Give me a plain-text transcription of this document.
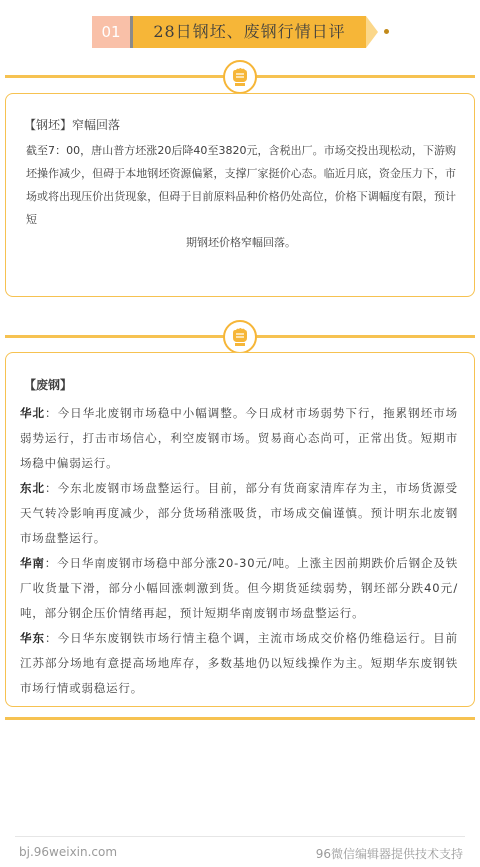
01	28日钢坯、废钢行情日评
【钢坯】窄幅回落
截至7：00，唐山普方坯涨20后降40至3820元，含税出厂。市场交投出现松动，下游购坯操作减少，但碍于本地钢坯资源偏紧，支撑厂家挺价心态。临近月底，资金压力下，市场或将出现压价出货现象，但碍于目前原料品种价格仍处高位，价格下调幅度有限，预计短
期钢坯价格窄幅回落。
【废钢】

华北：今日华北废钢市场稳中小幅调整。今日成材市场弱势下行，拖累钢坯市场弱势运行，打击市场信心，利空废钢市场。贸易商心态尚可，正常出货。短期市场稳中偏弱运行。

东北：今东北废钢市场盘整运行。目前，部分有货商家清库存为主，市场货源受天气转冷影响再度减少，部分货场稍涨吸货，市场成交偏谨慎。预计明东北废钢市场盘整运行。

华南：今日华南废钢市场稳中部分涨20-30元/吨。上涨主因前期跌价后钢企及铁厂收货量下滑，部分小幅回涨刺激到货。但今期货延续弱势，钢坯部分跌40元/吨，部分钢企压价情绪再起，预计短期华南废钢市场盘整运行。

华东：今日华东废钢铁市场行情主稳个调，主流市场成交价格仍维稳运行。目前江苏部分场地有意提高场地库存，多数基地仍以短线操作为主。短期华东废钢铁市场行情或弱稳运行。

bj.96weixin.com	96微信编辑器提供技术支持
